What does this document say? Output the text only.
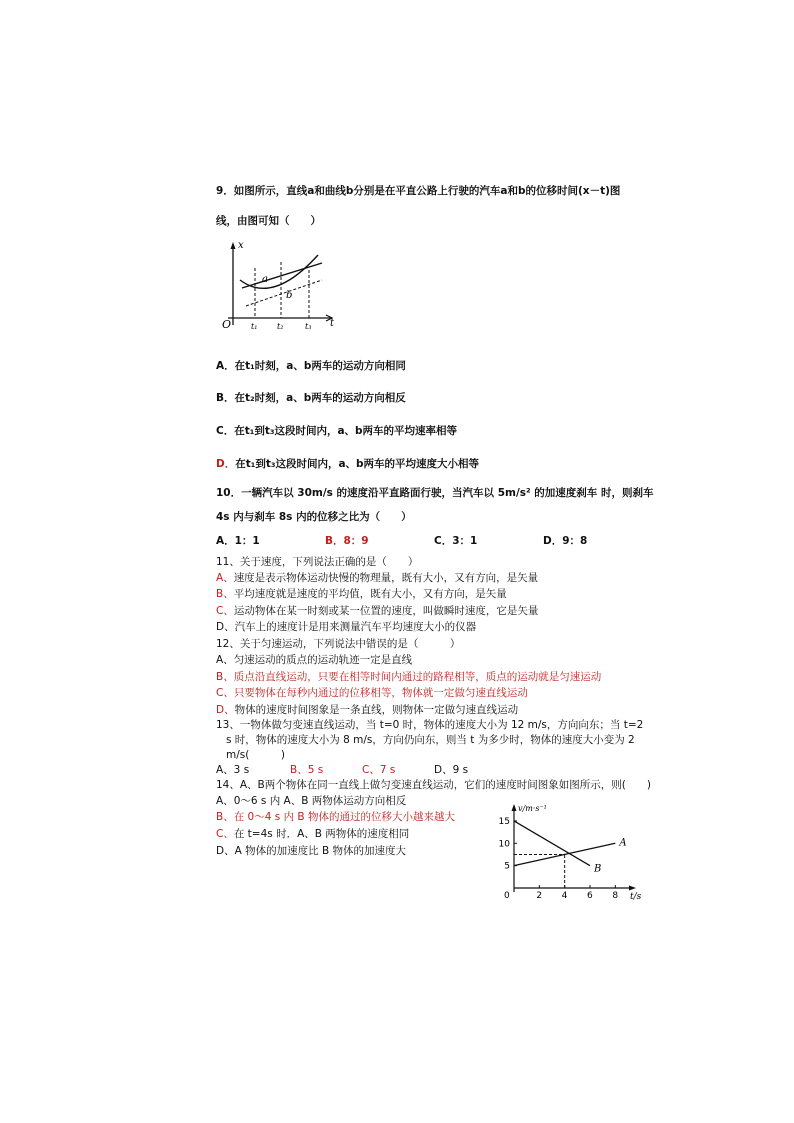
9．如图所示，直线a和曲线b分别是在平直公路上行驶的汽车a和b的位移时间(x－t)图
线，由图可知（　　）
x
t
O
a
b
t₁ t₂	t₃
A．在t₁时刻，a、b两车的运动方向相同
B．在t₂时刻，a、b两车的运动方向相反
C．在t₁到t₃这段时间内，a、b两车的平均速率相等
D．在t₁到t₃这段时间内，a、b两车的平均速度大小相等
10．一辆汽车以 30m/s 的速度沿平直路面行驶，当汽车以 5m/s² 的加速度刹车 时，则刹车
4s 内与刹车 8s 内的位移之比为（　　）
A．1：1	B．8：9	C．3：1	D．9：8
11、关于速度，下列说法正确的是（　　）
A、速度是表示物体运动快慢的物理量，既有大小，又有方向，是矢量
B、平均速度就是速度的平均值，既有大小，又有方向，是矢量
C、运动物体在某一时刻或某一位置的速度，叫做瞬时速度，它是矢量
D、汽车上的速度计是用来测量汽车平均速度大小的仪器
12、关于匀速运动，下列说法中错误的是（　　　）
A、匀速运动的质点的运动轨迹一定是直线
B、质点沿直线运动，只要在相等时间内通过的路程相等，质点的运动就是匀速运动
C、只要物体在每秒内通过的位移相等，物体就一定做匀速直线运动
D、物体的速度时间图象是一条直线，则物体一定做匀速直线运动
13、一物体做匀变速直线运动，当 t=0 时，物体的速度大小为 12 m/s，方向向东；当 t=2
s 时，物体的速度大小为 8 m/s，方向仍向东，则当 t 为多少时，物体的速度大小变为 2
m/s(　　　)
A、3 s	B、5 s	C、7 s	D、9 s
14、A、B两个物体在同一直线上做匀变速直线运动，它们的速度时间图象如图所示，则(　　)
A、0～6 s 内 A、B 两物体运动方向相反
B、在 0～4 s 内 B 物体的通过的位移大小越来越大
C、在 t=4s 时．A、B 两物体的速度相同
D、A 物体的加速度比 B 物体的加速度大
v/m·s⁻¹
t/s
0	2 4 6 8
5
10
15
A
B
